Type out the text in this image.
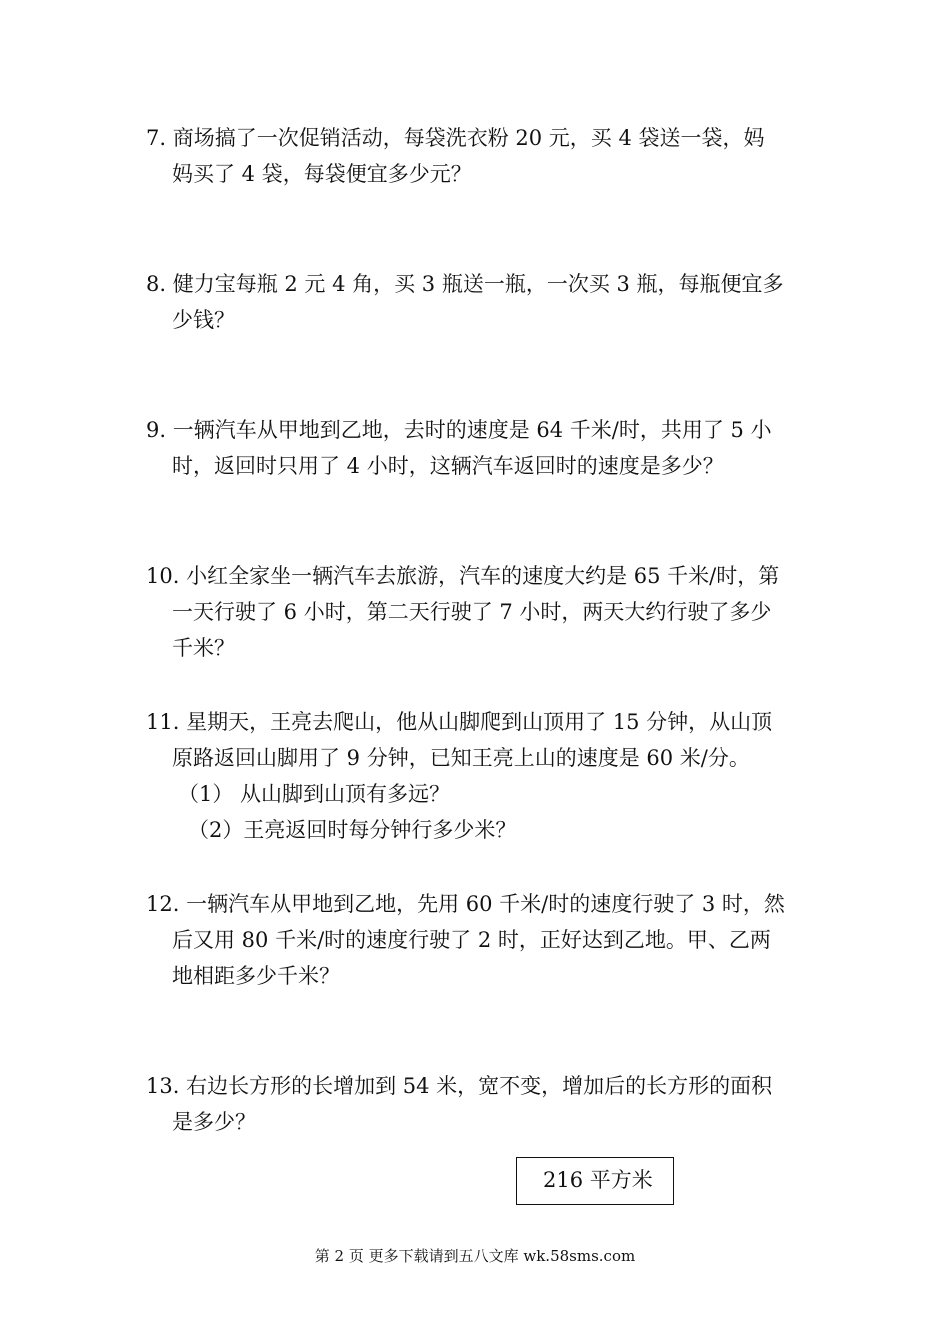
7. 商场搞了一次促销活动，每袋洗衣粉 20 元，买 4 袋送一袋，妈
妈买了 4 袋，每袋便宜多少元？
8. 健力宝每瓶 2 元 4 角，买 3 瓶送一瓶，一次买 3 瓶，每瓶便宜多
少钱？
9. 一辆汽车从甲地到乙地，去时的速度是 64 千米/时，共用了 5 小
时，返回时只用了 4 小时，这辆汽车返回时的速度是多少？
10. 小红全家坐一辆汽车去旅游，汽车的速度大约是 65 千米/时，第
一天行驶了 6 小时，第二天行驶了 7 小时，两天大约行驶了多少
千米？
11. 星期天，王亮去爬山，他从山脚爬到山顶用了 15 分钟，从山顶
原路返回山脚用了 9 分钟，已知王亮上山的速度是 60 米/分。
（1） 从山脚到山顶有多远？
（2）王亮返回时每分钟行多少米？
12. 一辆汽车从甲地到乙地，先用 60 千米/时的速度行驶了 3 时，然
后又用 80 千米/时的速度行驶了 2 时，正好达到乙地。甲、乙两
地相距多少千米？
13. 右边长方形的长增加到 54 米，宽不变，增加后的长方形的面积
是多少？
216 平方米
第 2 页 更多下载请到五八文库 wk.58sms.com
